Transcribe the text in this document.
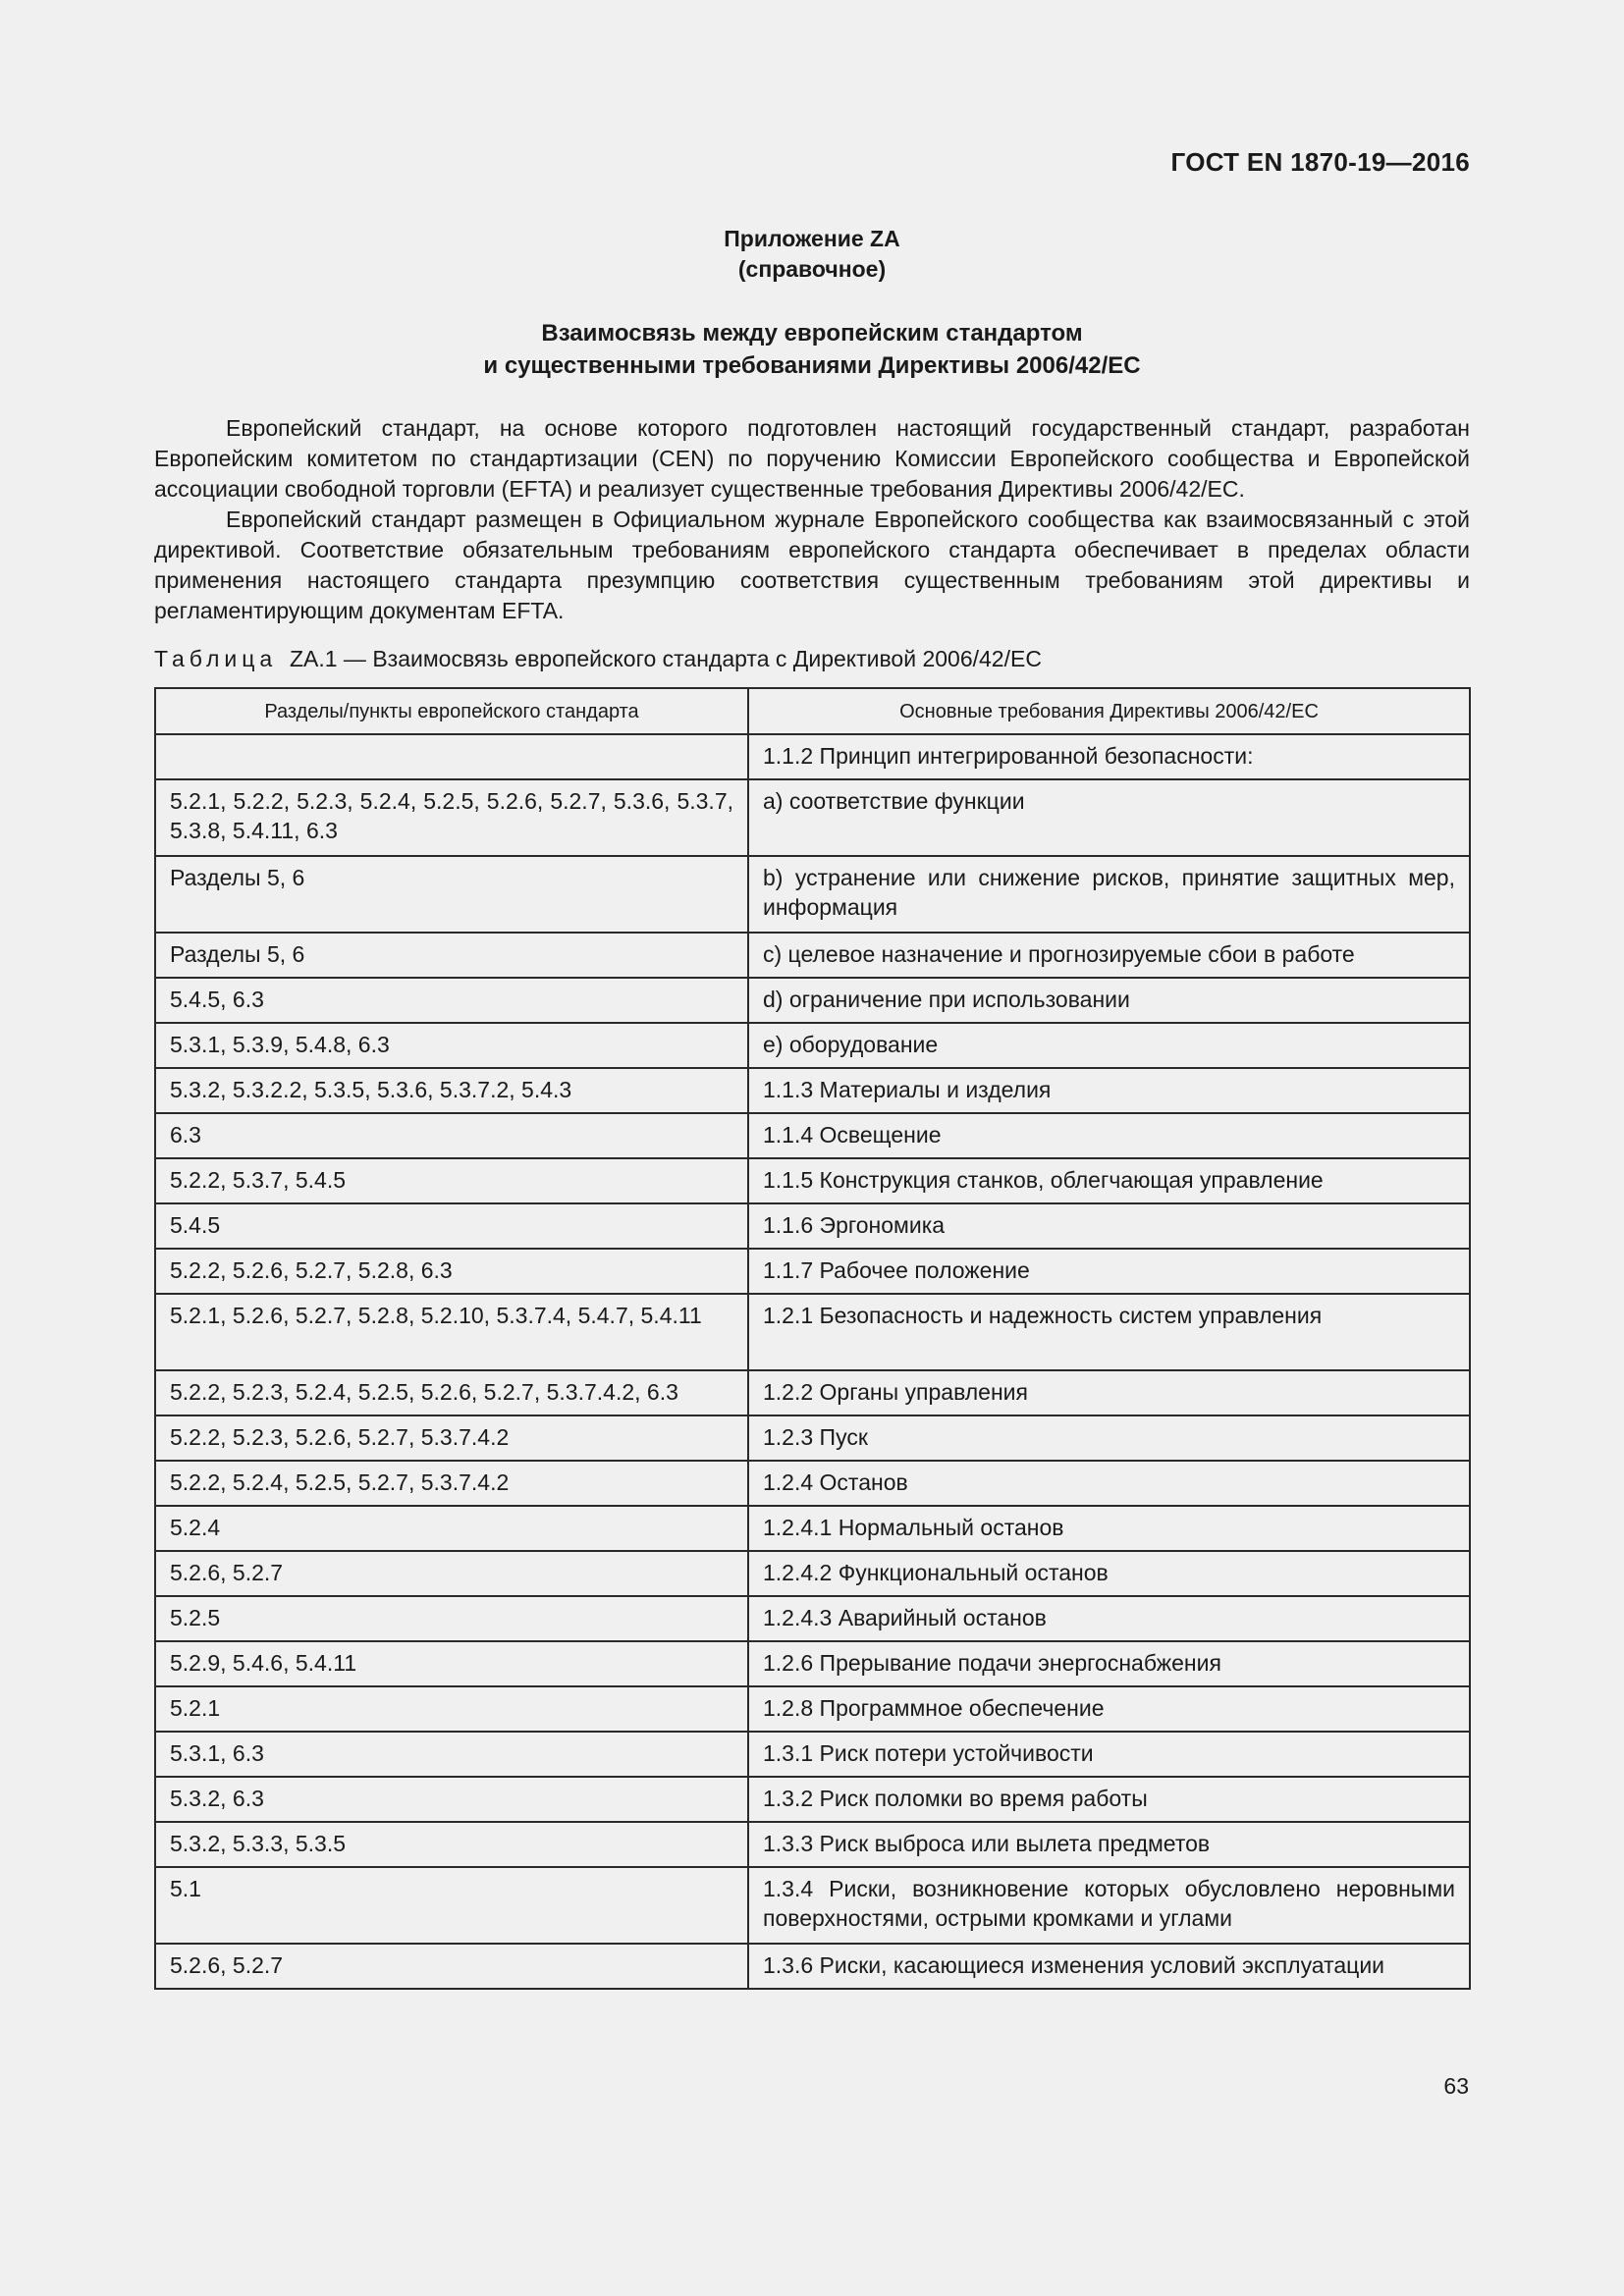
ГОСТ EN 1870-19—2016
Приложение ZA
(справочное)
Взаимосвязь между европейским стандартом
и существенными требованиями Директивы 2006/42/ЕС

Европейский стандарт, на основе которого подготовлен настоящий государственный стандарт, разработан Европейским комитетом по стандартизации (CEN) по поручению Комиссии Европейского сообщества и Европейской ассоциации свободной торговли (EFTA) и реализует существенные требования Директивы 2006/42/ЕС.

Европейский стандарт размещен в Официальном журнале Европейского сообщества как взаимосвязанный с этой директивой. Соответствие обязательным требованиям европейского стандарта обеспечивает в пределах области применения настоящего стандарта презумпцию соответствия существенным требованиям этой директивы и регламентирующим документам EFTA.

Таблица ZA.1 — Взаимосвязь европейского стандарта с Директивой 2006/42/ЕС
Разделы/пункты европейского стандарта	Основные требования Директивы 2006/42/ЕС
	1.1.2 Принцип интегрированной безопасности:
5.2.1, 5.2.2, 5.2.3, 5.2.4, 5.2.5, 5.2.6, 5.2.7, 5.3.6, 5.3.7, 5.3.8, 5.4.11, 6.3	a) соответствие функции
Разделы 5, 6	b) устранение или снижение рисков, принятие защитных мер, информация
Разделы 5, 6	c) целевое назначение и прогнозируемые сбои в работе
5.4.5, 6.3	d) ограничение при использовании
5.3.1, 5.3.9, 5.4.8, 6.3	e) оборудование
5.3.2, 5.3.2.2, 5.3.5, 5.3.6, 5.3.7.2, 5.4.3	1.1.3 Материалы и изделия
6.3	1.1.4 Освещение
5.2.2, 5.3.7, 5.4.5	1.1.5 Конструкция станков, облегчающая управление
5.4.5	1.1.6 Эргономика
5.2.2, 5.2.6, 5.2.7, 5.2.8, 6.3	1.1.7 Рабочее положение
5.2.1, 5.2.6, 5.2.7, 5.2.8, 5.2.10, 5.3.7.4, 5.4.7, 5.4.11	1.2.1 Безопасность и надежность систем управления
5.2.2, 5.2.3, 5.2.4, 5.2.5, 5.2.6, 5.2.7, 5.3.7.4.2, 6.3	1.2.2 Органы управления
5.2.2, 5.2.3, 5.2.6, 5.2.7, 5.3.7.4.2	1.2.3 Пуск
5.2.2, 5.2.4, 5.2.5, 5.2.7, 5.3.7.4.2	1.2.4 Останов
5.2.4	1.2.4.1 Нормальный останов
5.2.6, 5.2.7	1.2.4.2 Функциональный останов
5.2.5	1.2.4.3 Аварийный останов
5.2.9, 5.4.6, 5.4.11	1.2.6 Прерывание подачи энергоснабжения
5.2.1	1.2.8 Программное обеспечение
5.3.1, 6.3	1.3.1 Риск потери устойчивости
5.3.2, 6.3	1.3.2 Риск поломки во время работы
5.3.2, 5.3.3, 5.3.5	1.3.3 Риск выброса или вылета предметов
5.1	1.3.4 Риски, возникновение которых обусловлено неровными поверхностями, острыми кромками и углами
5.2.6, 5.2.7	1.3.6 Риски, касающиеся изменения условий эксплуатации
63
